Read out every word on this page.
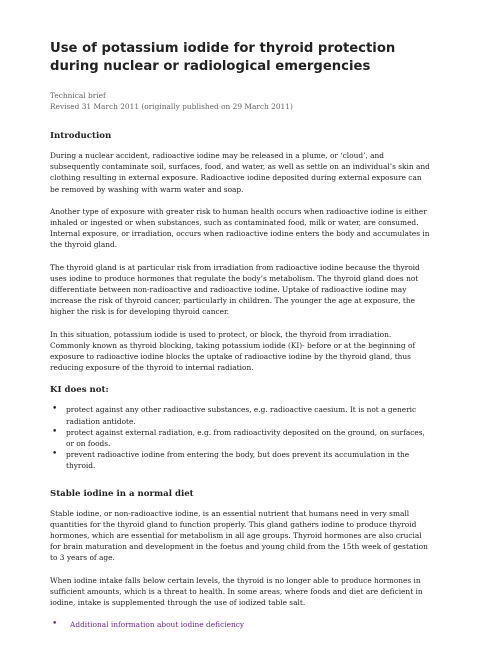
Use of potassium iodide for thyroid protection during nuclear or radiological emergencies
Technical brief
Revised 31 March 2011 (originally published on 29 March 2011)
Introduction

During a nuclear accident, radioactive iodine may be released in a plume, or ‘cloud’, and subsequently contaminate soil, surfaces, food, and water, as well as settle on an individual’s skin and clothing resulting in external exposure. Radioactive iodine deposited during external exposure can be removed by washing with warm water and soap.

Another type of exposure with greater risk to human health occurs when radioactive iodine is either inhaled or ingested or when substances, such as contaminated food, milk or water, are consumed. Internal exposure, or irradiation, occurs when radioactive iodine enters the body and accumulates in the thyroid gland.

The thyroid gland is at particular risk from irradiation from radioactive iodine because the thyroid uses iodine to produce hormones that regulate the body’s metabolism. The thyroid gland does not differentiate between non-radioactive and radioactive iodine. Uptake of radioactive iodine may increase the risk of thyroid cancer, particularly in children. The younger the age at exposure, the higher the risk is for developing thyroid cancer.

In this situation, potassium iodide is used to protect, or block, the thyroid from irradiation. Commonly known as thyroid blocking, taking potassium iodide (KI)- before or at the beginning of exposure to radioactive iodine blocks the uptake of radioactive iodine by the thyroid gland, thus reducing exposure of the thyroid to internal radiation.

KI does not:
• protect against any other radioactive substances, e.g. radioactive caesium. It is not a generic radiation antidote.
• protect against external radiation, e.g. from radioactivity deposited on the ground, on surfaces, or on foods.
• prevent radioactive iodine from entering the body, but does prevent its accumulation in the thyroid.
Stable iodine in a normal diet

Stable iodine, or non-radioactive iodine, is an essential nutrient that humans need in very small quantities for the thyroid gland to function properly. This gland gathers iodine to produce thyroid hormones, which are essential for metabolism in all age groups. Thyroid hormones are also crucial for brain maturation and development in the foetus and young child from the 15th week of gestation to 3 years of age.

When iodine intake falls below certain levels, the thyroid is no longer able to produce hormones in sufficient amounts, which is a threat to health. In some areas, where foods and diet are deficient in iodine, intake is supplemented through the use of iodized table salt.

• Additional information about iodine deficiency
